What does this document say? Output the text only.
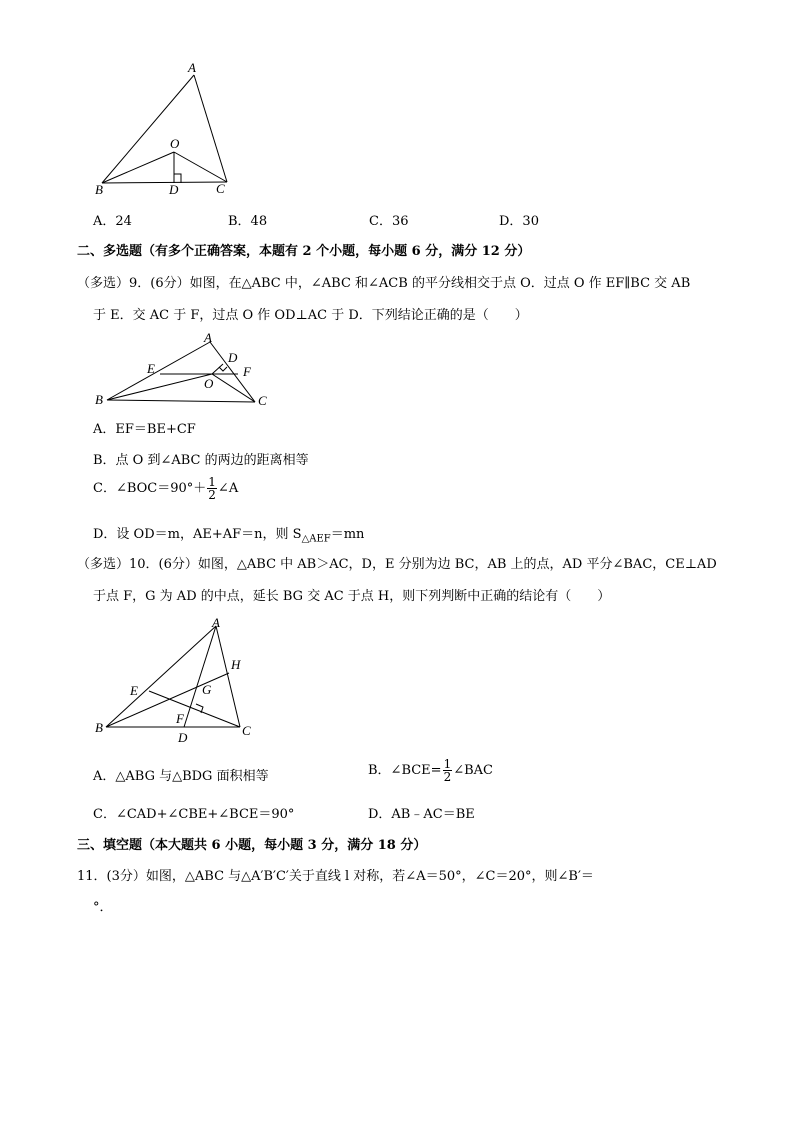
A
O
B	D	C
A．24	B．48	C．36	D．30
二、多选题（有多个正确答案，本题有 2 个小题，每小题 6 分，满分 12 分）
（多选）9．(6分）如图，在△ABC 中，∠ABC 和∠ACB 的平分线相交于点 O．过点 O 作 EF∥BC 交 AB
于 E．交 AC 于 F，过点 O 作 OD⊥AC 于 D．下列结论正确的是（　　）
A
D
E	F
O
B	C
A．EF＝BE+CF
B．点 O 到∠ABC 的两边的距离相等
C．∠BOC＝90°＋ $\frac{1}{2}$ ∠A
D．设 OD＝m，AE+AF＝n，则 $S_{\triangle AEF}=mn$
（多选）10．(6分）如图，△ABC 中 AB＞AC，D，E 分别为边 BC，AB 上的点，AD 平分∠BAC，CE⊥AD
于点 F，G 为 AD 的中点，延长 BG 交 AC 于点 H，则下列判断中正确的结论有（　　）
A
H
E	G
F
B	C
D
A．△ABG 与△BDG 面积相等	B．∠BCE= $\frac{1}{2}$ ∠BAC
C．∠CAD+∠CBE+∠BCE＝90°	D．AB﹣AC＝BE
三、填空题（本大题共 6 小题，每小题 3 分，满分 18 分）
11．(3分）如图，△ABC 与△A′B′C′关于直线 l 对称，若∠A＝50°，∠C＝20°，则∠B′＝
°．
